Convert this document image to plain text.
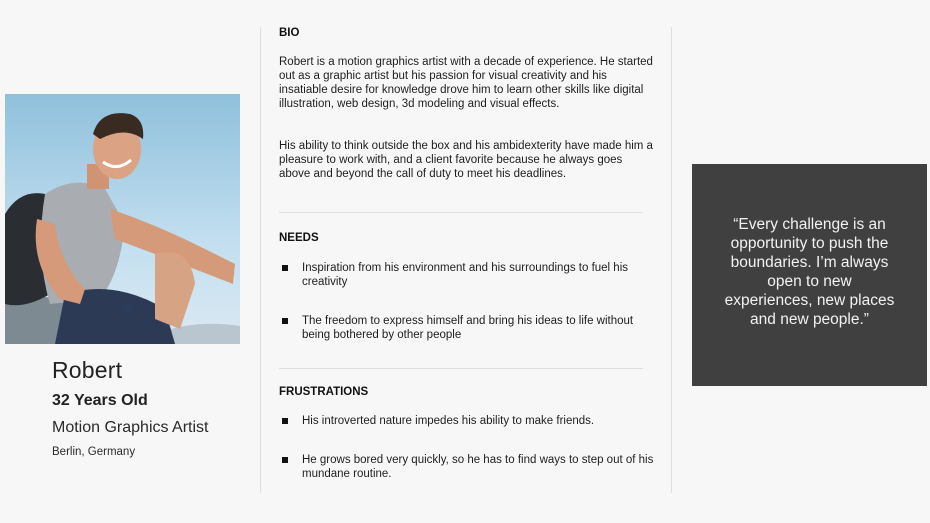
Robert
32 Years Old
Motion Graphics Artist
Berlin, Germany
BIO
Robert is a motion graphics artist with a decade of experience. He started out as a graphic artist but his passion for visual creativity and his insatiable desire for knowledge drove him to learn other skills like digital illustration, web design, 3d modeling and visual effects.
His ability to think outside the box and his ambidexterity have made him a pleasure to work with, and a client favorite because he always goes above and beyond the call of duty to meet his deadlines.
NEEDS
Inspiration from his environment and his surroundings to fuel his creativity
The freedom to express himself and bring his ideas to life without being bothered by other people
FRUSTRATIONS
His introverted nature impedes his ability to make friends.
He grows bored very quickly, so he has to find ways to step out of his mundane routine.
“Every challenge is an opportunity to push the boundaries. I’m always open to new experiences, new places and new people.”
